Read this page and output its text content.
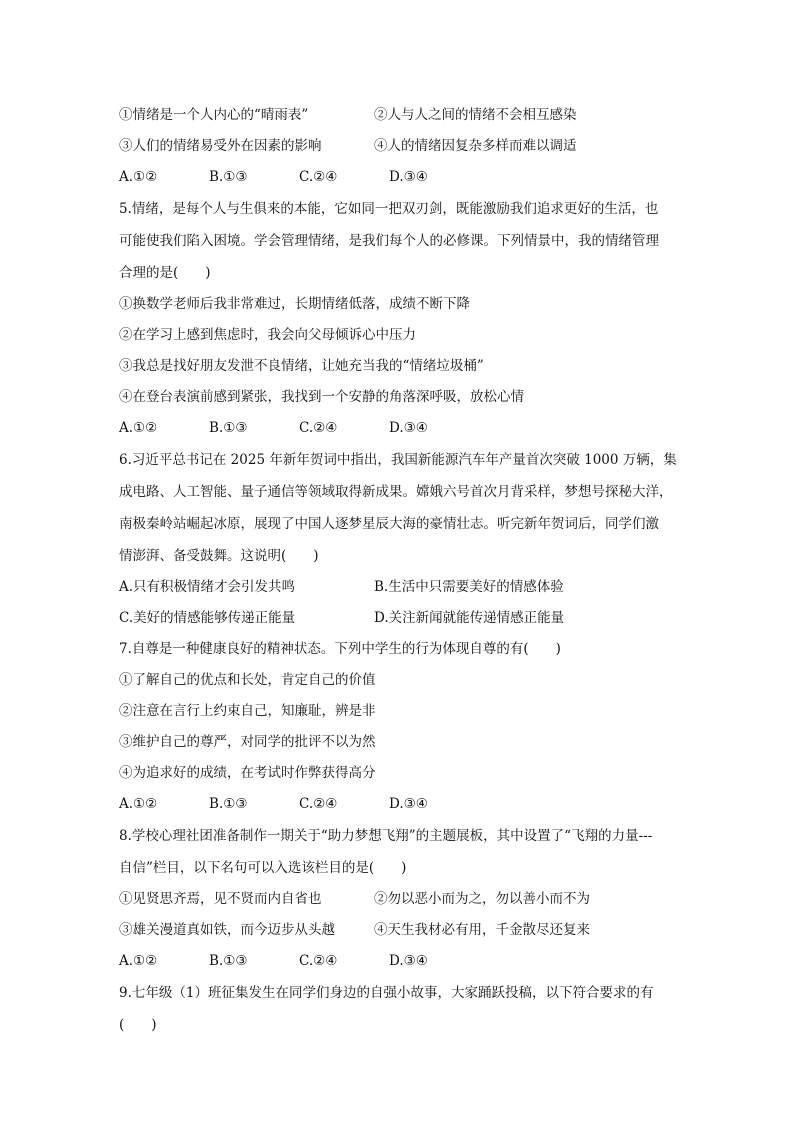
①情绪是一个人内心的“晴雨表”	②人与人之间的情绪不会相互感染
③人们的情绪易受外在因素的影响	④人的情绪因复杂多样而难以调适
A.①②	B.①③	C.②④	D.③④
5.情绪，是每个人与生俱来的本能，它如同一把双刃剑，既能激励我们追求更好的生活，也
可能使我们陷入困境。学会管理情绪，是我们每个人的必修课。下列情景中，我的情绪管理
合理的是(　　)
①换数学老师后我非常难过，长期情绪低落，成绩不断下降
②在学习上感到焦虑时，我会向父母倾诉心中压力
③我总是找好朋友发泄不良情绪，让她充当我的“情绪垃圾桶”
④在登台表演前感到紧张，我找到一个安静的角落深呼吸，放松心情
A.①②	B.①③	C.②④	D.③④
6.习近平总书记在 2025 年新年贺词中指出，我国新能源汽车年产量首次突破 1000 万辆，集
成电路、人工智能、量子通信等领域取得新成果。嫦娥六号首次月背采样，梦想号探秘大洋，
南极秦岭站崛起冰原，展现了中国人逐梦星辰大海的豪情壮志。听完新年贺词后，同学们激
情澎湃、备受鼓舞。这说明(　　)
A.只有积极情绪才会引发共鸣	B.生活中只需要美好的情感体验
C.美好的情感能够传递正能量	D.关注新闻就能传递情感正能量
7.自尊是一种健康良好的精神状态。下列中学生的行为体现自尊的有(　　)
①了解自己的优点和长处，肯定自己的价值
②注意在言行上约束自己，知廉耻，辨是非
③维护自己的尊严，对同学的批评不以为然
④为追求好的成绩，在考试时作弊获得高分
A.①②	B.①③	C.②④	D.③④
8.学校心理社团准备制作一期关于“助力梦想飞翔”的主题展板，其中设置了“飞翔的力量---
自信”栏目，以下名句可以入选该栏目的是(　　)
①见贤思齐焉，见不贤而内自省也	②勿以恶小而为之，勿以善小而不为
③雄关漫道真如铁，而今迈步从头越	④天生我材必有用，千金散尽还复来
A.①②	B.①③	C.②④	D.③④
9.七年级（1）班征集发生在同学们身边的自强小故事，大家踊跃投稿，以下符合要求的有
(　　)
